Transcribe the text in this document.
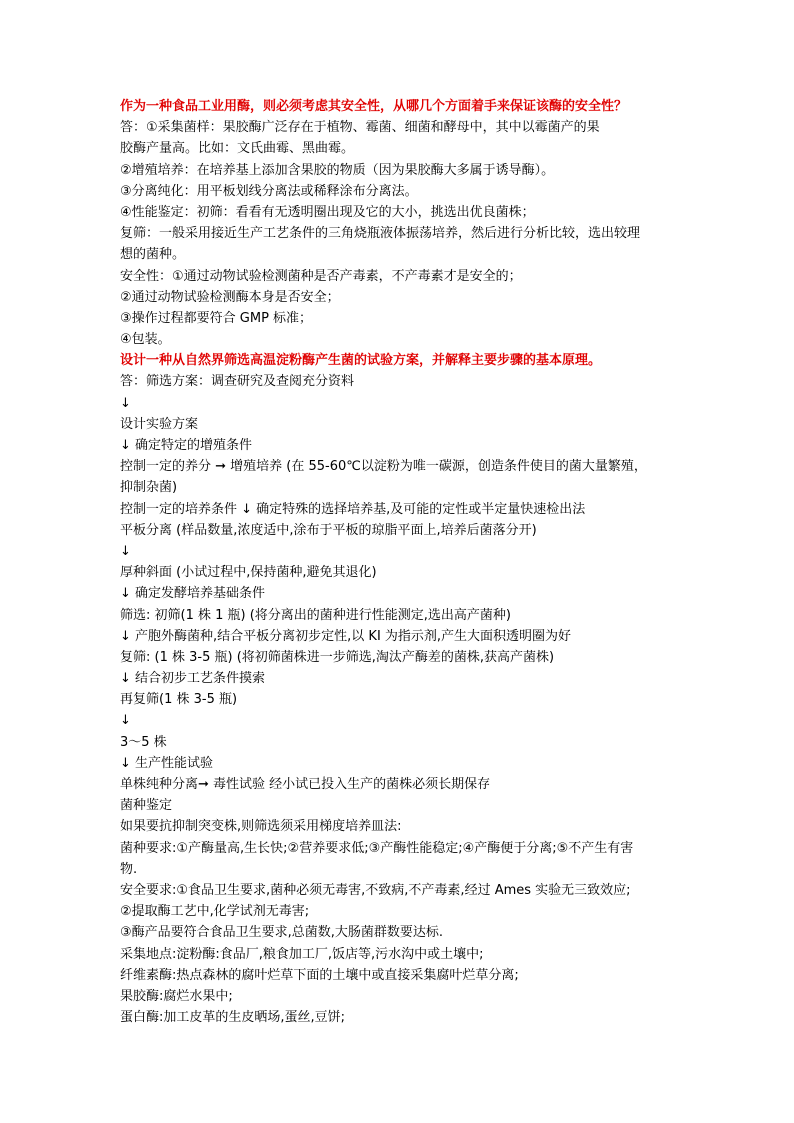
作为一种食品工业用酶，则必须考虑其安全性，从哪几个方面着手来保证该酶的安全性？
答：①采集菌样：果胶酶广泛存在于植物、霉菌、细菌和酵母中，其中以霉菌产的果
胶酶产量高。比如：文氏曲霉、黑曲霉。
②增殖培养：在培养基上添加含果胶的物质（因为果胶酶大多属于诱导酶）。
③分离纯化：用平板划线分离法或稀释涂布分离法。
④性能鉴定：初筛：看看有无透明圈出现及它的大小，挑选出优良菌株；
复筛：一般采用接近生产工艺条件的三角烧瓶液体振荡培养，然后进行分析比较，选出较理
想的菌种。
安全性：①通过动物试验检测菌种是否产毒素，不产毒素才是安全的；
②通过动物试验检测酶本身是否安全；
③操作过程都要符合 GMP 标准；
④包装。
设计一种从自然界筛选高温淀粉酶产生菌的试验方案，并解释主要步骤的基本原理。
答：筛选方案：调查研究及查阅充分资料
↓
设计实验方案
↓ 确定特定的增殖条件
控制一定的养分 ➞ 增殖培养 (在 55-60℃以淀粉为唯一碳源，创造条件使目的菌大量繁殖，
抑制杂菌)
控制一定的培养条件 ↓ 确定特殊的选择培养基,及可能的定性或半定量快速检出法
平板分离 (样品数量,浓度适中,涂布于平板的琼脂平面上,培养后菌落分开)
↓
厚种斜面 (小试过程中,保持菌种,避免其退化)
↓ 确定发酵培养基础条件
筛选: 初筛(1 株 1 瓶) (将分离出的菌种进行性能测定,选出高产菌种)
↓ 产胞外酶菌种,结合平板分离初步定性,以 KI 为指示剂,产生大面积透明圈为好
复筛: (1 株 3-5 瓶) (将初筛菌株进一步筛选,淘汰产酶差的菌株,获高产菌株)
↓ 结合初步工艺条件摸索
再复筛(1 株 3-5 瓶)
↓
3～5 株
↓ 生产性能试验
单株纯种分离➞ 毒性试验 经小试已投入生产的菌株必须长期保存
菌种鉴定
如果要抗抑制突变株,则筛选须采用梯度培养皿法:
菌种要求:①产酶量高,生长快;②营养要求低;③产酶性能稳定;④产酶便于分离;⑤不产生有害
物.
安全要求:①食品卫生要求,菌种必须无毒害,不致病,不产毒素,经过 Ames 实验无三致效应;
②提取酶工艺中,化学试剂无毒害;
③酶产品要符合食品卫生要求,总菌数,大肠菌群数要达标.
采集地点:淀粉酶:食品厂,粮食加工厂,饭店等,污水沟中或土壤中;
纤维素酶:热点森林的腐叶烂草下面的土壤中或直接采集腐叶烂草分离;
果胶酶:腐烂水果中;
蛋白酶:加工皮革的生皮晒场,蛋丝,豆饼;
